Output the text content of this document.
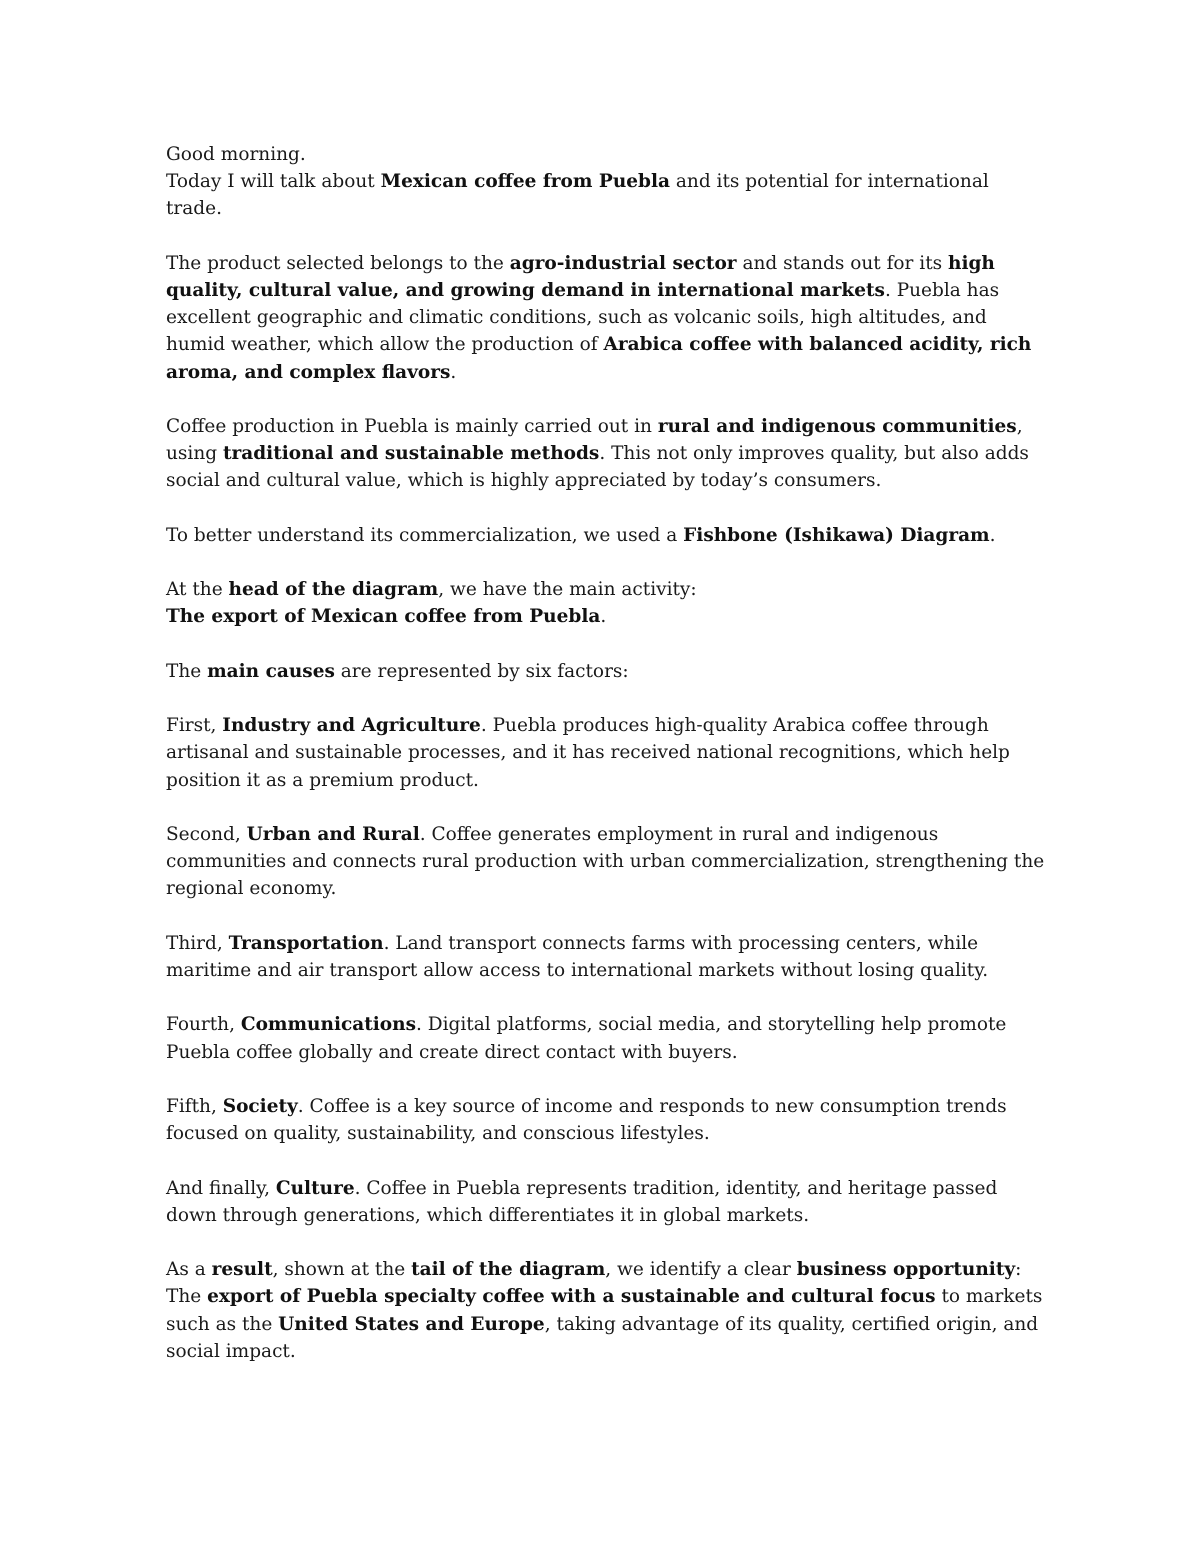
Good morning.
Today I will talk about Mexican coffee from Puebla and its potential for international trade.

The product selected belongs to the agro-industrial sector and stands out for its high quality, cultural value, and growing demand in international markets. Puebla has excellent geographic and climatic conditions, such as volcanic soils, high altitudes, and humid weather, which allow the production of Arabica coffee with balanced acidity, rich aroma, and complex flavors.

Coffee production in Puebla is mainly carried out in rural and indigenous communities, using traditional and sustainable methods. This not only improves quality, but also adds social and cultural value, which is highly appreciated by today’s consumers.

To better understand its commercialization, we used a Fishbone (Ishikawa) Diagram.

At the head of the diagram, we have the main activity:
The export of Mexican coffee from Puebla.

The main causes are represented by six factors:

First, Industry and Agriculture. Puebla produces high-quality Arabica coffee through artisanal and sustainable processes, and it has received national recognitions, which help position it as a premium product.

Second, Urban and Rural. Coffee generates employment in rural and indigenous communities and connects rural production with urban commercialization, strengthening the regional economy.

Third, Transportation. Land transport connects farms with processing centers, while maritime and air transport allow access to international markets without losing quality.

Fourth, Communications. Digital platforms, social media, and storytelling help promote Puebla coffee globally and create direct contact with buyers.

Fifth, Society. Coffee is a key source of income and responds to new consumption trends focused on quality, sustainability, and conscious lifestyles.

And finally, Culture. Coffee in Puebla represents tradition, identity, and heritage passed down through generations, which differentiates it in global markets.

As a result, shown at the tail of the diagram, we identify a clear business opportunity:
The export of Puebla specialty coffee with a sustainable and cultural focus to markets such as the United States and Europe, taking advantage of its quality, certified origin, and social impact.
